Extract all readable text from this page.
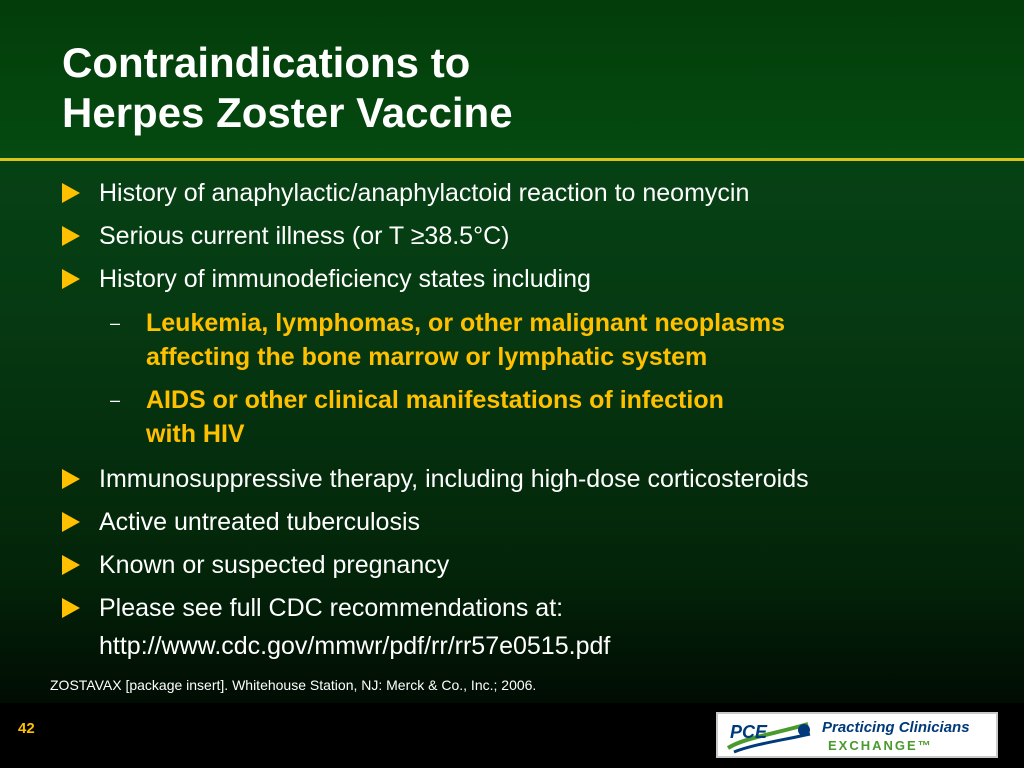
Contraindications to
Herpes Zoster Vaccine
History of anaphylactic/anaphylactoid reaction to neomycin
Serious current illness (or T ≥38.5°C)
History of immunodeficiency states including
– Leukemia, lymphomas, or other malignant neoplasms
affecting the bone marrow or lymphatic system
– AIDS or other clinical manifestations of infection
with HIV
Immunosuppressive therapy, including high-dose corticosteroids
Active untreated tuberculosis
Known or suspected pregnancy
Please see full CDC recommendations at:
http://www.cdc.gov/mmwr/pdf/rr/rr57e0515.pdf
ZOSTAVAX [package insert]. Whitehouse Station, NJ: Merck & Co., Inc.; 2006.
42	PCE	Practicing Clinicians
EXCHANGE™
